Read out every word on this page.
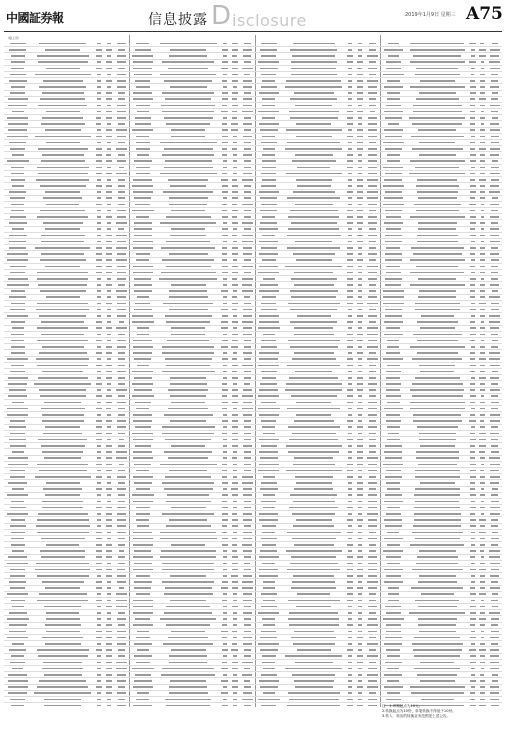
中國証券報	信息披露 D isclosure	2019年1月9日 星期三 A75
（接上页）
注：1.申购起点为10元。
2.转换起点为10份，单笔转换不得低于10份。
3.转入：转出的转换业务范围见上述公告。
